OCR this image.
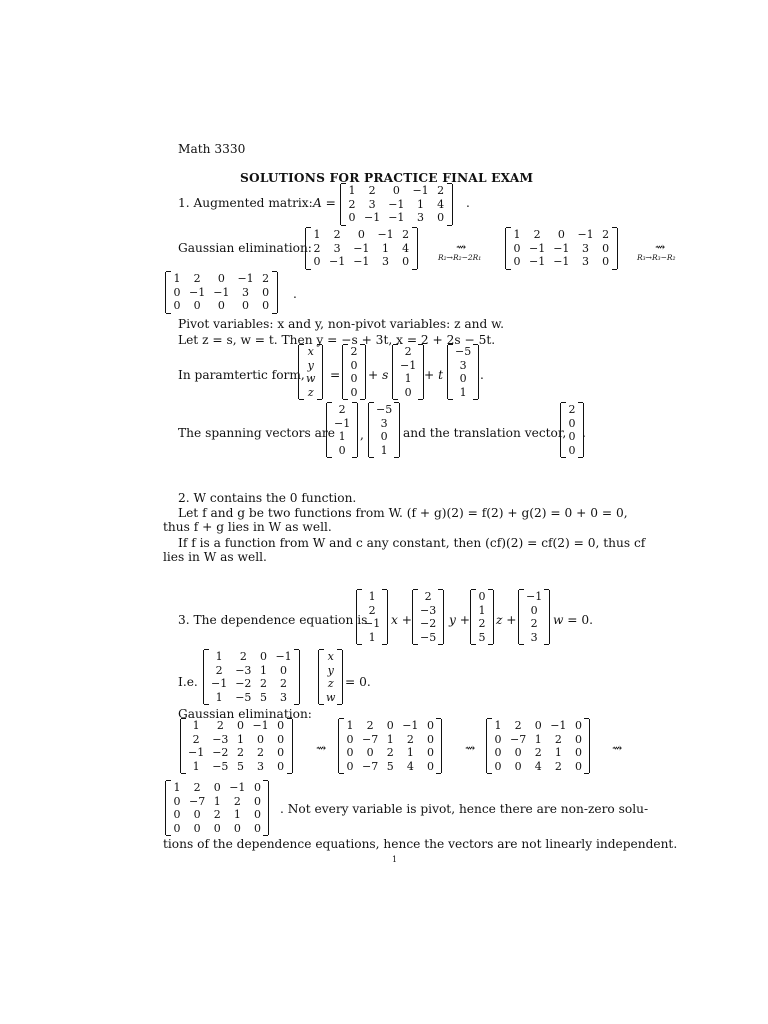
Math 3330
SOLUTIONS FOR PRACTICE FINAL EXAM
1. Augmented matrix: A =
1	2	0	−1	2
2	3	−1	1	4
0	−1	−1	3	0
.
Gaussian elimination:
1	2	0	−1	2
2	3	−1	1	4
0	−1	−1	3	0
⇝
R₂→R₂−2R₁
1	2	0	−1	2
0	−1	−1	3	0
0	−1	−1	3	0
⇝
R₃→R₃−R₂
1	2	0	−1	2
0	−1	−1	3	0
0	0	0	0	0
.
Pivot variables: x and y, non-pivot variables: z and w.
Let z = s, w = t. Then y = −s + 3t, x = 2 + 2s − 5t.
In paramtertic form,
x
y
w
z
=
2
0
0
0
+ s
2
−1
1
0
+ t
−5
3
0
1
.
The spanning vectors are
2
−1
1
0
,
−5
3
0
1
and the translation vector,
2
0
0
0
.
2. W contains the 0 function.
Let f and g be two functions from W. (f + g)(2) = f(2) + g(2) = 0 + 0 = 0,
thus f + g lies in W as well.
If f is a function from W and c any constant, then (cf)(2) = cf(2) = 0, thus cf
lies in W as well.
3. The dependence equation is
1
2
−1
1
x +
2
−3
−2
−5
y +
0
1
2
5
z +
−1
0
2
3
w = 0.
I.e.
1	2	0	−1
2	−3	1	0
−1	−2	2	2
1	−5	5	3
x
y
z
w
= 0.
Gaussian elimination:
1	2	0	−1	0
2	−3	1	0	0
−1	−2	2	2	0
1	−5	5	3	0
⇝
1	2	0	−1	0
0	−7	1	2	0
0	0	2	1	0
0	−7	5	4	0
⇝
1	2	0	−1	0
0	−7	1	2	0
0	0	2	1	0
0	0	4	2	0
⇝
1	2	0	−1	0
0	−7	1	2	0
0	0	2	1	0
0	0	0	0	0
. Not every variable is pivot, hence there are non-zero solu-
tions of the dependence equations, hence the vectors are not linearly independent.
1
